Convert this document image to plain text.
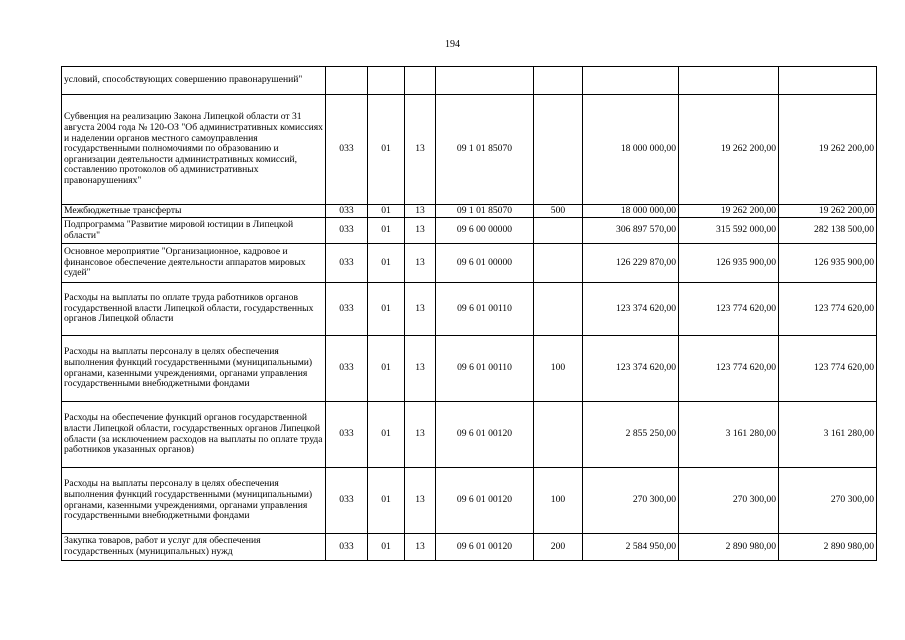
194
условий, способствующих совершению правонарушений"								
Субвенция на реализацию Закона Липецкой области от 31 августа 2004 года № 120-ОЗ "Об административных комиссиях и наделении органов местного самоуправления государственными полномочиями по образованию и организации деятельности административных комиссий, составлению протоколов об административных правонарушениях"	033	01	13	09 1 01 85070		18 000 000,00	19 262 200,00	19 262 200,00
Межбюджетные трансферты	033	01	13	09 1 01 85070	500	18 000 000,00	19 262 200,00	19 262 200,00
Подпрограмма "Развитие мировой юстиции в Липецкой области"	033	01	13	09 6 00 00000		306 897 570,00	315 592 000,00	282 138 500,00
Основное мероприятие "Организационное, кадровое и финансовое обеспечение деятельности аппаратов мировых судей"	033	01	13	09 6 01 00000		126 229 870,00	126 935 900,00	126 935 900,00
Расходы на выплаты по оплате труда работников органов государственной власти Липецкой области, государственных органов Липецкой области	033	01	13	09 6 01 00110		123 374 620,00	123 774 620,00	123 774 620,00
Расходы на выплаты персоналу в целях обеспечения выполнения функций государственными (муниципальными) органами, казенными учреждениями, органами управления государственными внебюджетными фондами	033	01	13	09 6 01 00110	100	123 374 620,00	123 774 620,00	123 774 620,00
Расходы на обеспечение функций органов государственной власти Липецкой области, государственных органов Липецкой области (за исключением расходов на выплаты по оплате труда работников указанных органов)	033	01	13	09 6 01 00120		2 855 250,00	3 161 280,00	3 161 280,00
Расходы на выплаты персоналу в целях обеспечения выполнения функций государственными (муниципальными) органами, казенными учреждениями, органами управления государственными внебюджетными фондами	033	01	13	09 6 01 00120	100	270 300,00	270 300,00	270 300,00
Закупка товаров, работ и услуг для обеспечения государственных (муниципальных) нужд	033	01	13	09 6 01 00120	200	2 584 950,00	2 890 980,00	2 890 980,00
